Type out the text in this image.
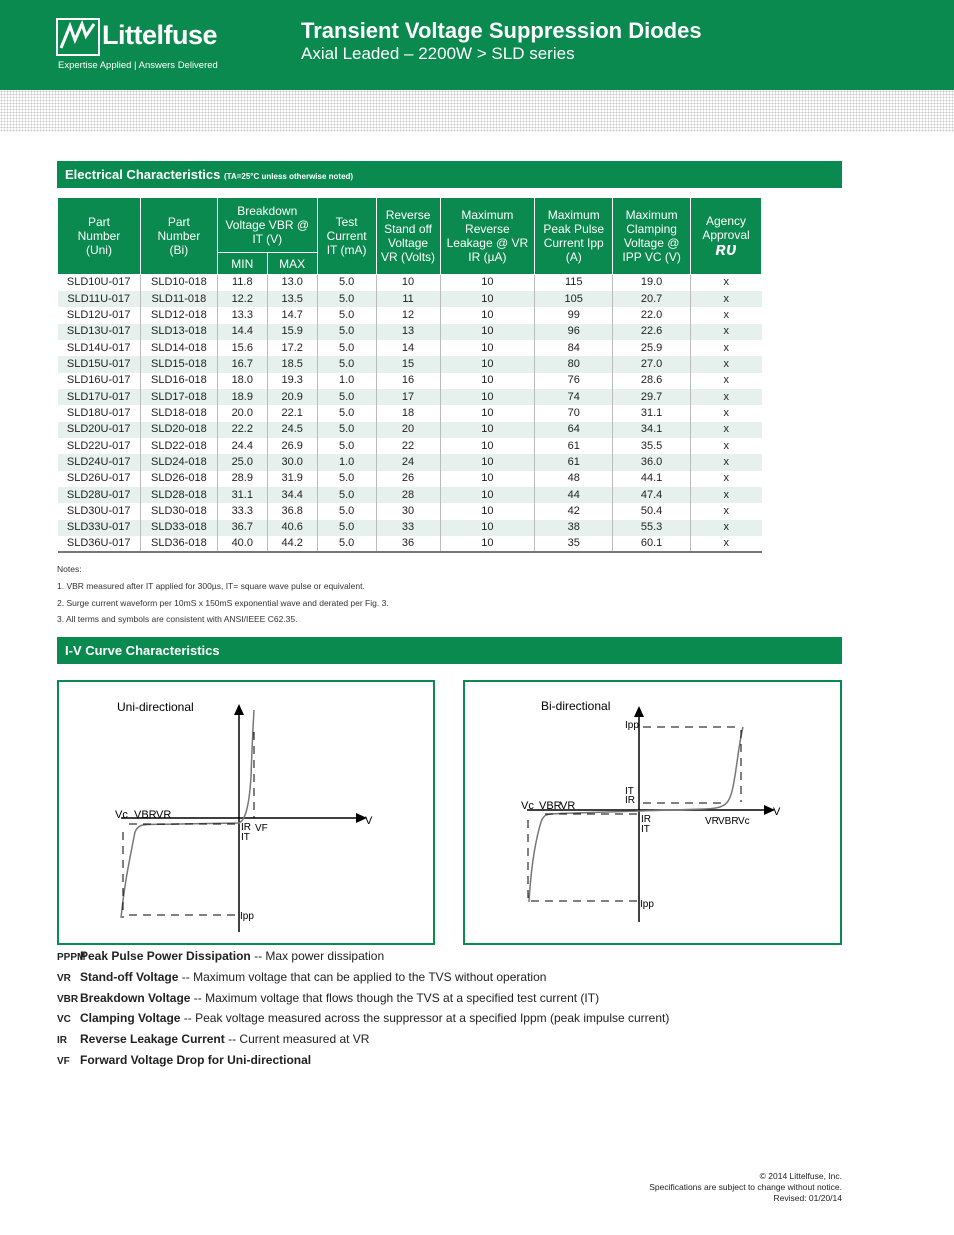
Littelfuse
Expertise Applied | Answers Delivered
Transient Voltage Suppression Diodes
Axial Leaded – 2200W > SLD series
Electrical Characteristics (TA=25°C unless otherwise noted)
Part Number (Uni)	Part Number (Bi)	Breakdown Voltage VBR @ IT (V)		Test Current IT (mA)	Reverse Stand off Voltage VR (Volts)	Maximum Reverse Leakage @ VR IR (µA)	Maximum Peak Pulse Current Ipp (A)	Maximum Clamping Voltage @ IPP VC (V)	Agency Approval
ʀᴜ
		MIN	MAX						
SLD10U-017	SLD10-018	11.8	13.0	5.0	10	10	115	19.0	x
SLD11U-017	SLD11-018	12.2	13.5	5.0	11	10	105	20.7	x
SLD12U-017	SLD12-018	13.3	14.7	5.0	12	10	99	22.0	x
SLD13U-017	SLD13-018	14.4	15.9	5.0	13	10	96	22.6	x
SLD14U-017	SLD14-018	15.6	17.2	5.0	14	10	84	25.9	x
SLD15U-017	SLD15-018	16.7	18.5	5.0	15	10	80	27.0	x
SLD16U-017	SLD16-018	18.0	19.3	1.0	16	10	76	28.6	x
SLD17U-017	SLD17-018	18.9	20.9	5.0	17	10	74	29.7	x
SLD18U-017	SLD18-018	20.0	22.1	5.0	18	10	70	31.1	x
SLD20U-017	SLD20-018	22.2	24.5	5.0	20	10	64	34.1	x
SLD22U-017	SLD22-018	24.4	26.9	5.0	22	10	61	35.5	x
SLD24U-017	SLD24-018	25.0	30.0	1.0	24	10	61	36.0	x
SLD26U-017	SLD26-018	28.9	31.9	5.0	26	10	48	44.1	x
SLD28U-017	SLD28-018	31.1	34.4	5.0	28	10	44	47.4	x
SLD30U-017	SLD30-018	33.3	36.8	5.0	30	10	42	50.4	x
SLD33U-017	SLD33-018	36.7	40.6	5.0	33	10	38	55.3	x
SLD36U-017	SLD36-018	40.0	44.2	5.0	36	10	35	60.1	x
Notes:
1. VBR measured after IT applied for 300µs, IT= square wave pulse or equivalent.
2. Surge current waveform per 10mS x 150mS exponential wave and derated per Fig. 3.
3. All terms and symbols are consistent with ANSI/IEEE C62.35.
I-V Curve Characteristics
Uni-directional
Vc VBR VR	V
IR
IT
VF
Ipp
Bi-directional
Vc VBR
VR	V
Ipp
IT
IR
IR
IT
VR VBR Vc
Ipp
PPPMPeak Pulse Power Dissipation -- Max power dissipation
VR Stand-off Voltage -- Maximum voltage that can be applied to the TVS without operation
VBR Breakdown Voltage -- Maximum voltage that flows though the TVS at a specified test current (IT)
VC Clamping Voltage -- Peak voltage measured across the suppressor at a specified Ippm (peak impulse current)
IR Reverse Leakage Current -- Current measured at VR
VF Forward Voltage Drop for Uni-directional
© 2014 Littelfuse, Inc.
Specifications are subject to change without notice.
Revised: 01/20/14
